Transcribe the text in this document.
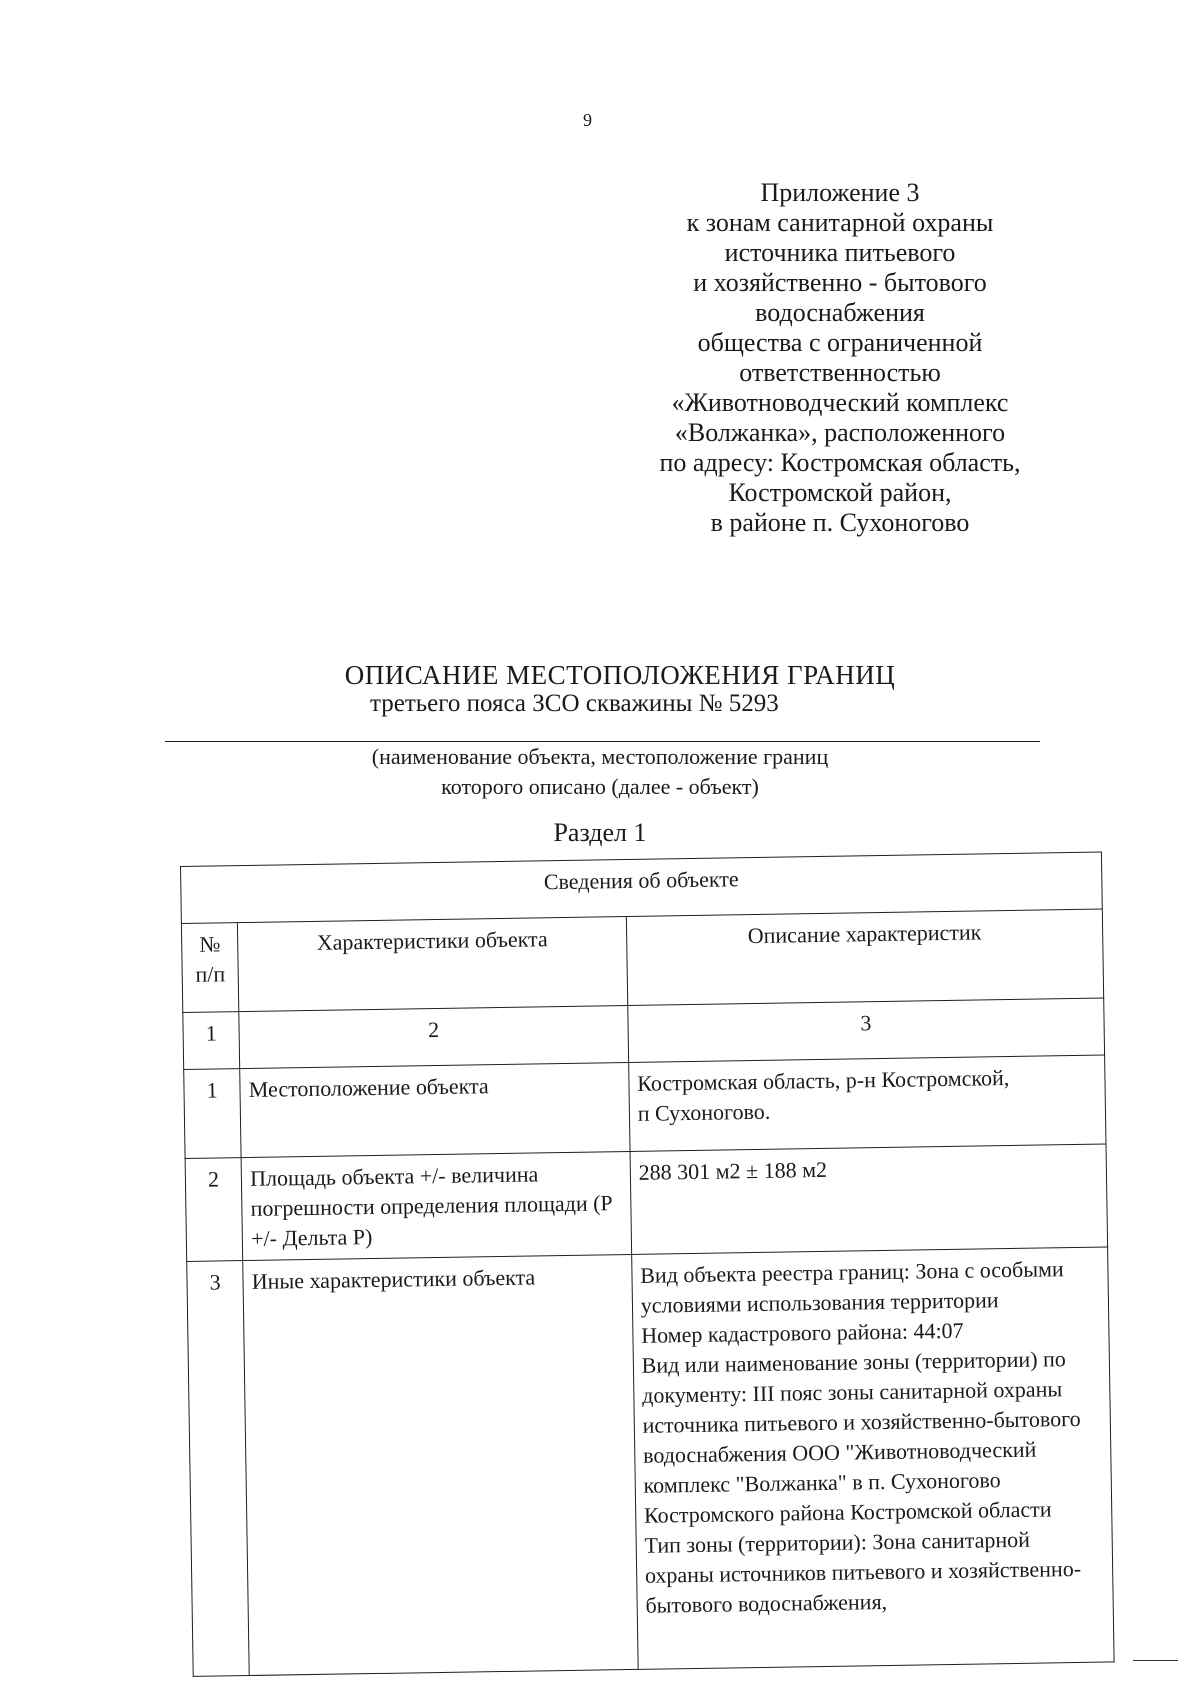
9
Приложение 3
к зонам санитарной охраны
источника питьевого
и хозяйственно - бытового
водоснабжения
общества с ограниченной
ответственностью
«Животноводческий комплекс
«Волжанка», расположенного
по адресу: Костромская область,
Костромской район,
в районе п. Сухоногово
ОПИСАНИЕ МЕСТОПОЛОЖЕНИЯ ГРАНИЦ
третьего пояса ЗСО скважины № 5293
(наименование объекта, местоположение границ
которого описано (далее - объект)
Раздел 1
Сведения об объекте		
№ п/п	Характеристики объекта	Описание характеристик
1	2	3
1	Местоположение объекта	Костромская область, р-н Костромской,
п Сухоногово.

2	Площадь объекта +/- величина погрешности определения площади (P +/- Дельта P)	288 301 м2 ± 188 м2

3	Иные характеристики объекта	Вид объекта реестра границ: Зона с особыми условиями использования территории
Номер кадастрового района: 44:07
Вид или наименование зоны (территории) по документу: III пояс зоны санитарной охраны источника питьевого и хозяйственно-бытового водоснабжения ООО "Животноводческий комплекс "Волжанка" в п. Сухоногово Костромского района Костромской области
Тип зоны (территории): Зона санитарной охраны источников питьевого и хозяйственно-бытового водоснабжения,
